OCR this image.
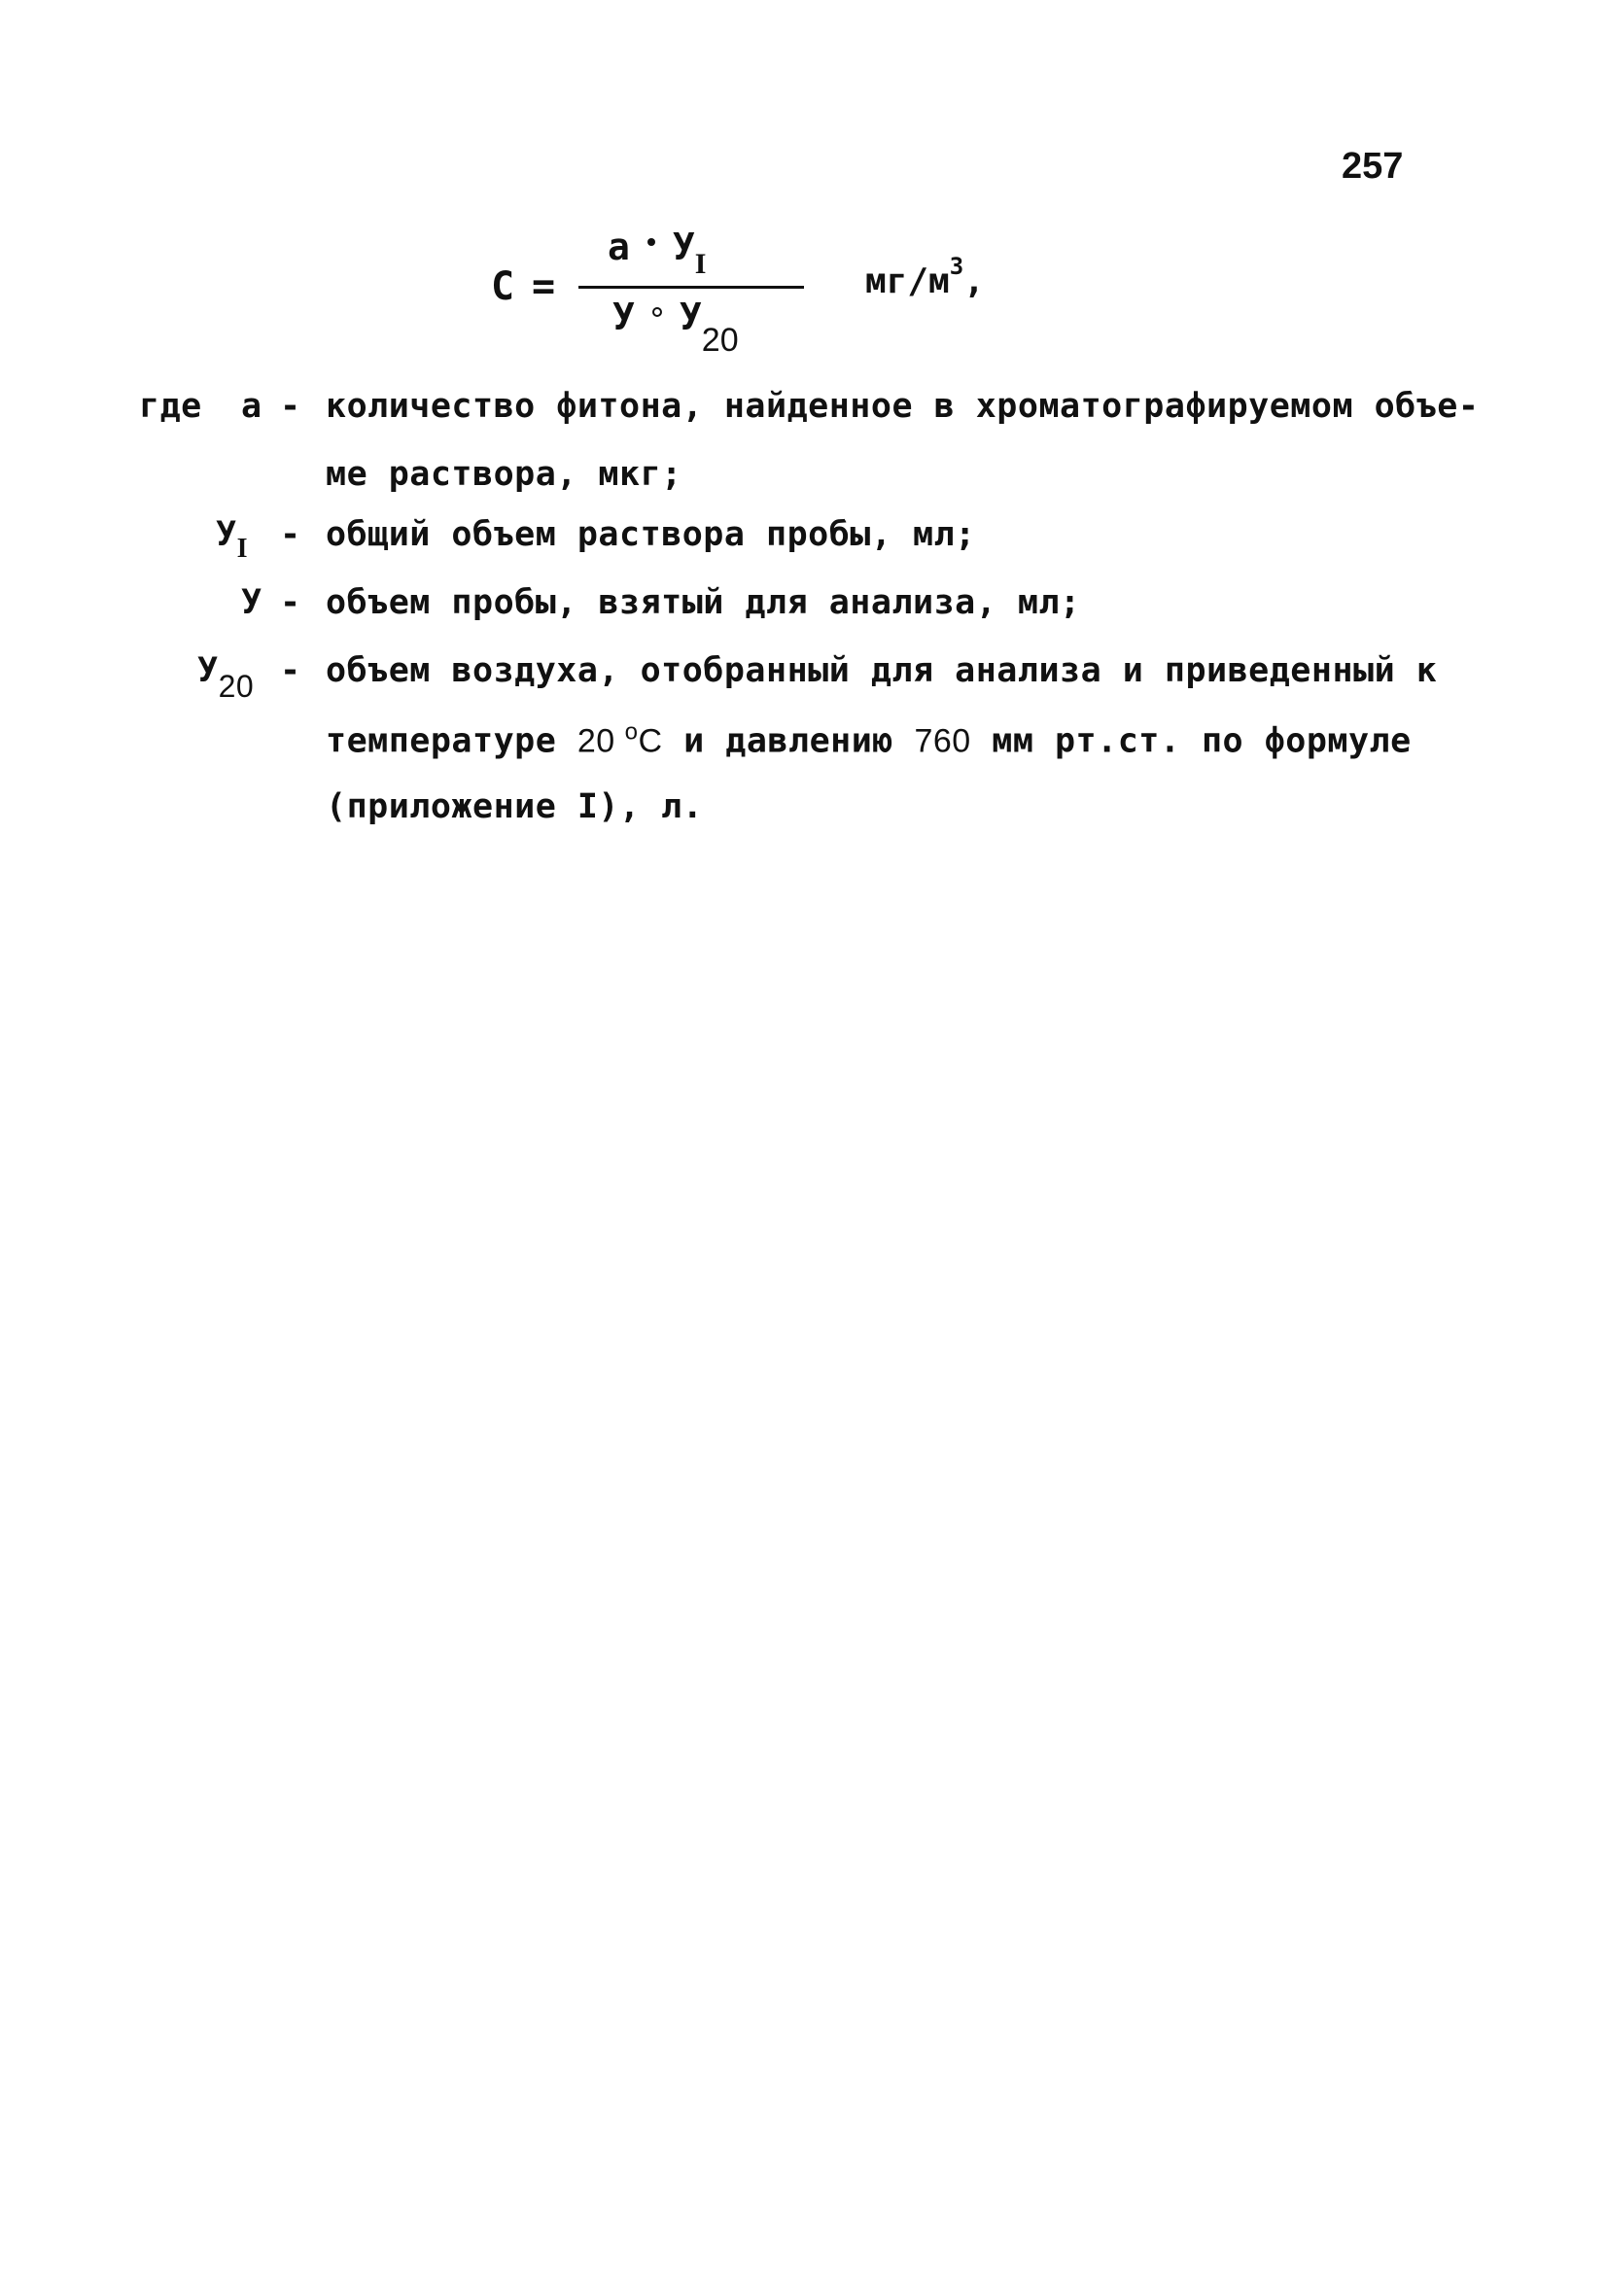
257
C =
a $У_I$
У У20
$мг/м^3$,
где а - количество фитона, найденное в хроматографируемом объе-
ме раствора, мкг;
$У_I$ - общий объем раствора пробы, мл;
У - объем пробы, взятый для анализа, мл;
У20 - объем воздуха, отобранный для анализа и приведенный к
температуре 20 $^o$C и давлению 760 мм рт.ст. по формуле
(приложение I), л.
